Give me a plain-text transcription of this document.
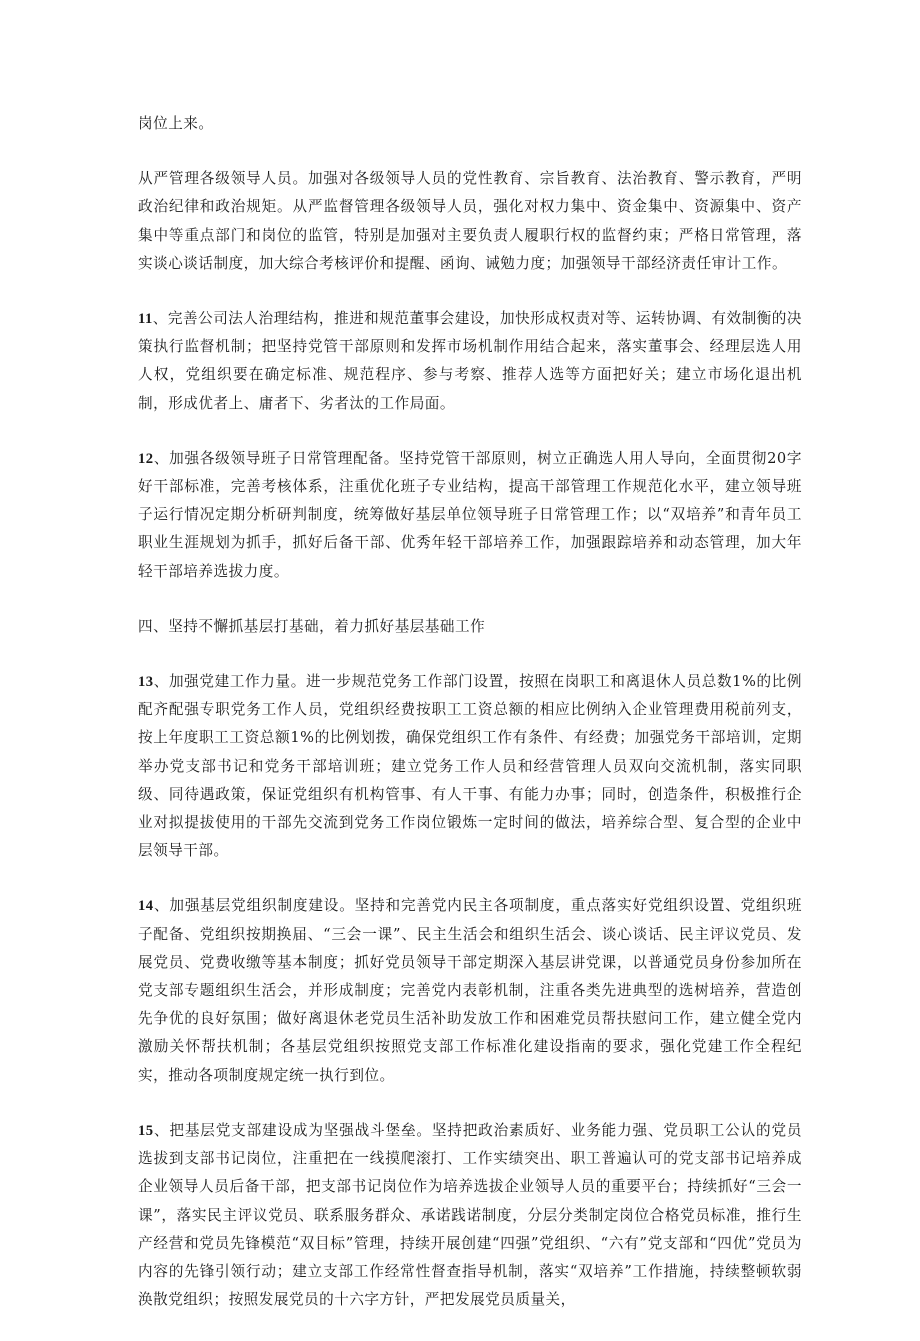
岗位上来。

从严管理各级领导人员。加强对各级领导人员的党性教育、宗旨教育、法治教育、警示教育，严明政治纪律和政治规矩。从严监督管理各级领导人员，强化对权力集中、资金集中、资源集中、资产集中等重点部门和岗位的监管，特别是加强对主要负责人履职行权的监督约束；严格日常管理，落实谈心谈话制度，加大综合考核评价和提醒、函询、诫勉力度；加强领导干部经济责任审计工作。

11、完善公司法人治理结构，推进和规范董事会建设，加快形成权责对等、运转协调、有效制衡的决策执行监督机制；把坚持党管干部原则和发挥市场机制作用结合起来，落实董事会、经理层选人用人权，党组织要在确定标准、规范程序、参与考察、推荐人选等方面把好关；建立市场化退出机制，形成优者上、庸者下、劣者汰的工作局面。

12、加强各级领导班子日常管理配备。坚持党管干部原则，树立正确选人用人导向，全面贯彻20字好干部标准，完善考核体系，注重优化班子专业结构，提高干部管理工作规范化水平，建立领导班子运行情况定期分析研判制度，统筹做好基层单位领导班子日常管理工作；以“双培养”和青年员工职业生涯规划为抓手，抓好后备干部、优秀年轻干部培养工作，加强跟踪培养和动态管理，加大年轻干部培养选拔力度。

四、坚持不懈抓基层打基础，着力抓好基层基础工作

13、加强党建工作力量。进一步规范党务工作部门设置，按照在岗职工和离退休人员总数1%的比例配齐配强专职党务工作人员，党组织经费按职工工资总额的相应比例纳入企业管理费用税前列支，按上年度职工工资总额1%的比例划拨，确保党组织工作有条件、有经费；加强党务干部培训，定期举办党支部书记和党务干部培训班；建立党务工作人员和经营管理人员双向交流机制，落实同职级、同待遇政策，保证党组织有机构管事、有人干事、有能力办事；同时，创造条件，积极推行企业对拟提拔使用的干部先交流到党务工作岗位锻炼一定时间的做法，培养综合型、复合型的企业中层领导干部。

14、加强基层党组织制度建设。坚持和完善党内民主各项制度，重点落实好党组织设置、党组织班子配备、党组织按期换届、“三会一课”、民主生活会和组织生活会、谈心谈话、民主评议党员、发展党员、党费收缴等基本制度；抓好党员领导干部定期深入基层讲党课，以普通党员身份参加所在党支部专题组织生活会，并形成制度；完善党内表彰机制，注重各类先进典型的选树培养，营造创先争优的良好氛围；做好离退休老党员生活补助发放工作和困难党员帮扶慰问工作，建立健全党内激励关怀帮扶机制；各基层党组织按照党支部工作标准化建设指南的要求，强化党建工作全程纪实，推动各项制度规定统一执行到位。

15、把基层党支部建设成为坚强战斗堡垒。坚持把政治素质好、业务能力强、党员职工公认的党员选拔到支部书记岗位，注重把在一线摸爬滚打、工作实绩突出、职工普遍认可的党支部书记培养成企业领导人员后备干部，把支部书记岗位作为培养选拔企业领导人员的重要平台；持续抓好“三会一课”，落实民主评议党员、联系服务群众、承诺践诺制度，分层分类制定岗位合格党员标准，推行生产经营和党员先锋模范“双目标”管理，持续开展创建“四强”党组织、“六有”党支部和“四优”党员为内容的先锋引领行动；建立支部工作经常性督查指导机制，落实“双培养”工作措施，持续整顿软弱涣散党组织；按照发展党员的十六字方针，严把发展党员质量关，
